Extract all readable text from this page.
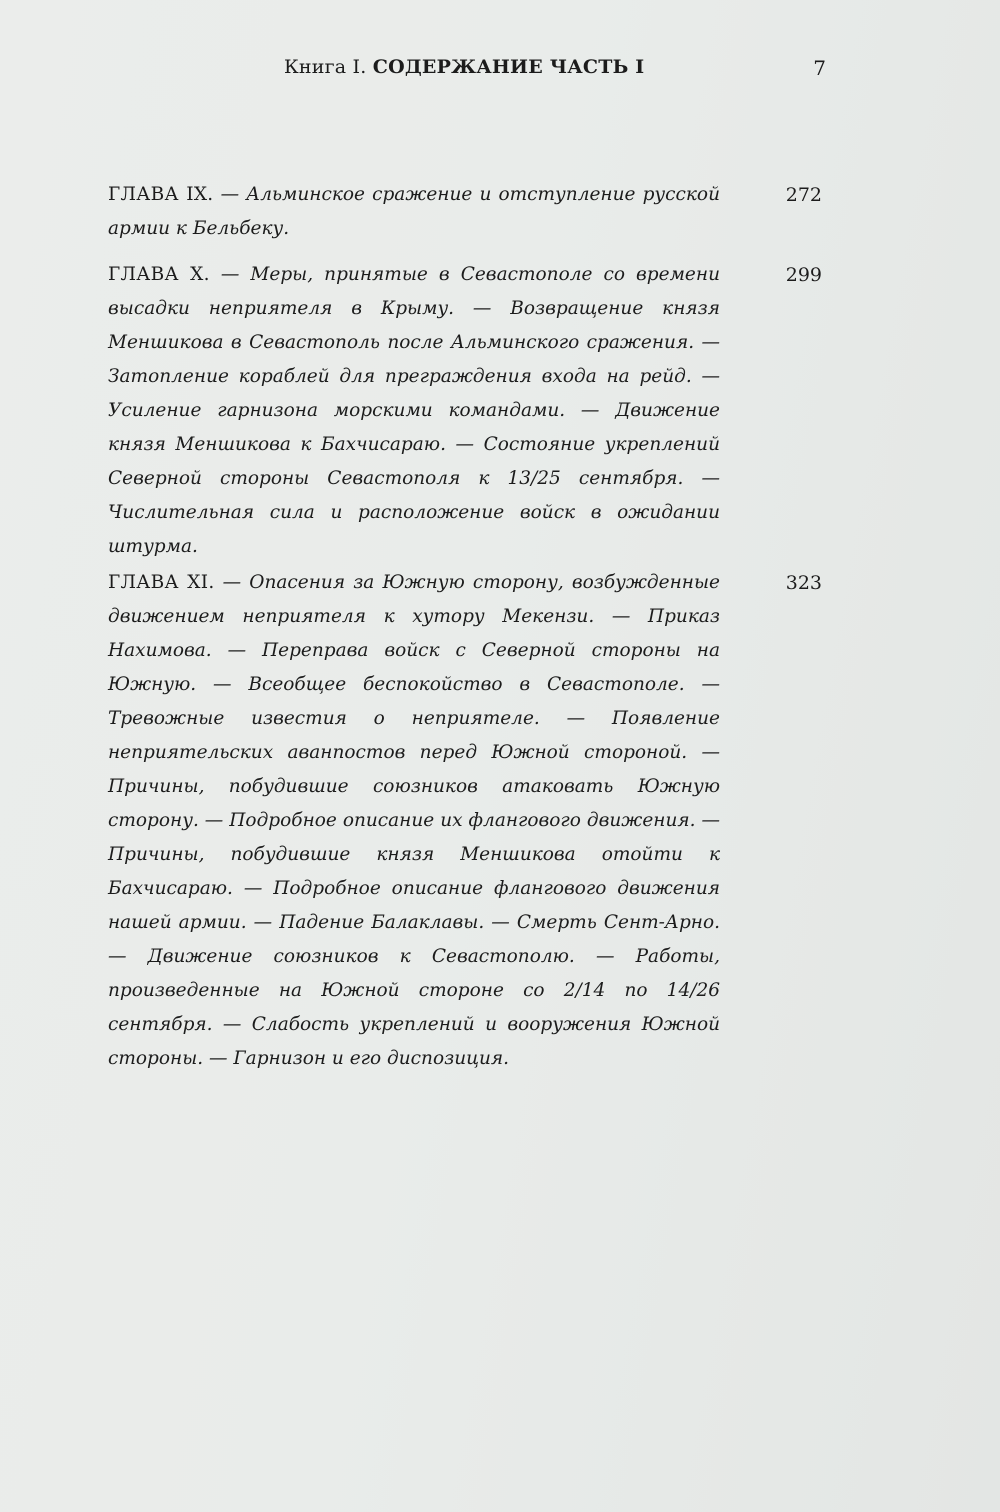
Книга I. СОДЕРЖАНИЕ ЧАСТЬ I	7
ГЛАВА IX. — Альминское сражение и отступление русской армии к Бельбеку.
272
ГЛАВА X. — Меры, принятые в Севастополе со времени высадки неприятеля в Крыму. — Возвращение князя Меншикова в Севастополь после Альминского сражения. — Затопление кораблей для преграждения входа на рейд. — Усиление гарнизона морскими командами. — Движение князя Меншикова к Бахчисараю. — Состояние укреплений Северной стороны Севастополя к 13/25 сентября. — Числительная сила и расположение войск в ожидании штурма.
299
ГЛАВА XI. — Опасения за Южную сторону, возбужденные движением неприятеля к хутору Мекензи. — Приказ Нахимова. — Переправа войск с Северной стороны на Южную. — Всеобщее беспокойство в Севастополе. — Тревожные известия о неприятеле. — Появление неприятельских аванпостов перед Южной стороной. — Причины, побудившие союзников атаковать Южную сторону. — Подробное описание их флангового движения. — Причины, побудившие князя Меншикова отойти к Бахчисараю. — Подробное описание флангового движения нашей армии. — Падение Балаклавы. — Смерть Сент-Арно. — Движение союзников к Севастополю. — Работы, произведенные на Южной стороне со 2/14 по 14/26 сентября. — Слабость укреплений и вооружения Южной стороны. — Гарнизон и его диспозиция.
323
